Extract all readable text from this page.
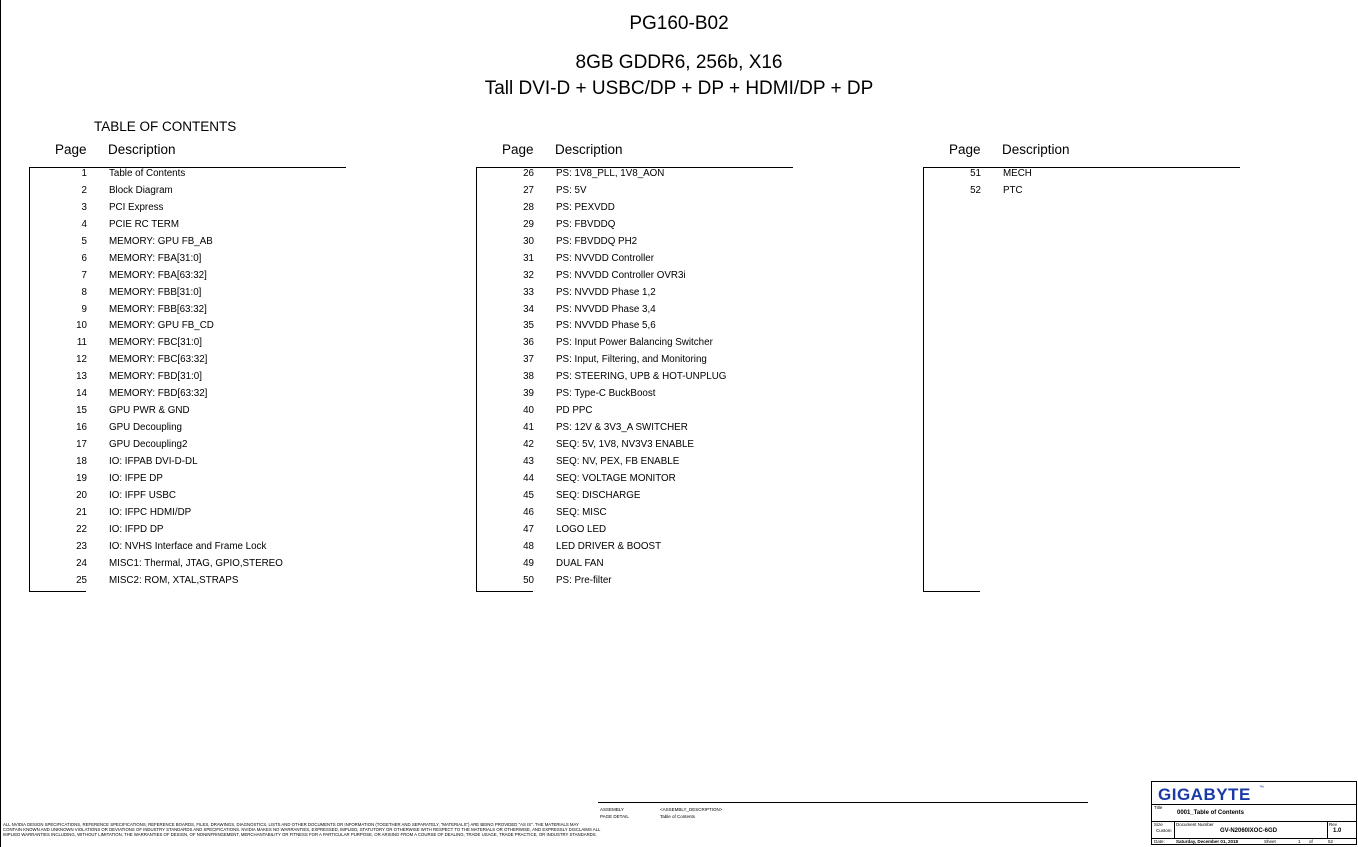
PG160-B02
8GB GDDR6, 256b, X16
Tall DVI-D + USBC/DP + DP + HDMI/DP + DP
TABLE OF CONTENTS
Page Description
1 Table of Contents
2 Block Diagram
3 PCI Express
4 PCIE RC TERM
5 MEMORY: GPU FB_AB
6 MEMORY: FBA[31:0]
7 MEMORY: FBA[63:32]
8 MEMORY: FBB[31:0]
9 MEMORY: FBB[63:32]
10 MEMORY: GPU FB_CD
11 MEMORY: FBC[31:0]
12 MEMORY: FBC[63:32]
13 MEMORY: FBD[31:0]
14 MEMORY: FBD[63:32]
15 GPU PWR & GND
16 GPU Decoupling
17 GPU Decoupling2
18 IO: IFPAB DVI-D-DL
19 IO: IFPE DP
20 IO: IFPF USBC
21 IO: IFPC HDMI/DP
22 IO: IFPD DP
23 IO: NVHS Interface and Frame Lock
24 MISC1: Thermal, JTAG, GPIO,STEREO
25 MISC2: ROM, XTAL,STRAPS
Page Description
26 PS: 1V8_PLL, 1V8_AON
27 PS: 5V
28 PS: PEXVDD
29 PS: FBVDDQ
30 PS: FBVDDQ PH2
31 PS: NVVDD Controller
32 PS: NVVDD Controller OVR3i
33 PS: NVVDD Phase 1,2
34 PS: NVVDD Phase 3,4
35 PS: NVVDD Phase 5,6
36 PS: Input Power Balancing Switcher
37 PS: Input, Filtering, and Monitoring
38 PS: STEERING, UPB & HOT-UNPLUG
39 PS: Type-C BuckBoost
40 PD PPC
41 PS: 12V & 3V3_A SWITCHER
42 SEQ: 5V, 1V8, NV3V3 ENABLE
43 SEQ: NV, PEX, FB ENABLE
44 SEQ: VOLTAGE MONITOR
45 SEQ: DISCHARGE
46 SEQ: MISC
47 LOGO LED
48 LED DRIVER & BOOST
49 DUAL FAN
50 PS: Pre-filter
Page Description
51 MECH
52 PTC
ALL NVIDIA DESIGN SPECIFICATIONS, REFERENCE SPECIFICATIONS, REFERENCE BOARDS, FILES, DRAWINGS, DIAGNOSTICS, LISTS AND OTHER DOCUMENTS OR INFORMATION (TOGETHER AND SEPARATELY, "MATERIALS") ARE BEING PROVIDED "AS IS". THE MATERIALS MAY
CONTAIN KNOWN AND UNKNOWN VIOLATIONS OR DEVIATIONS OF INDUSTRY STANDARDS AND SPECIFICATIONS. NVIDIA MAKES NO WARRANTIES, EXPRESSED, IMPLIED, STATUTORY OR OTHERWISE WITH RESPECT TO THE MATERIALS OR OTHERWISE, AND EXPRESSLY DISCLAIMS ALL
IMPLIED WARRANTIES INCLUDING, WITHOUT LIMITATION, THE WARRANTIES OF DESIGN, OF NONINFRINGEMENT, MERCHANTABILITY OR FITNESS FOR A PARTICULAR PURPOSE, OR ARISING FROM A COURSE OF DEALING, TRADE USAGE, TRADE PRACTICE, OR INDUSTRY STANDARDS.
ASSEMBLY	<ASSEMBLY_DESCRIPTION>
PAGE DETAIL	Table of Contents
GIGABYTE ™
Title
0001_Table of Contents
Size
Custom
Document Number
GV-N2060IXOC-6GD
Rev
1.0
Date: Saturday, December 01, 2018	Sheet	1 of	52
